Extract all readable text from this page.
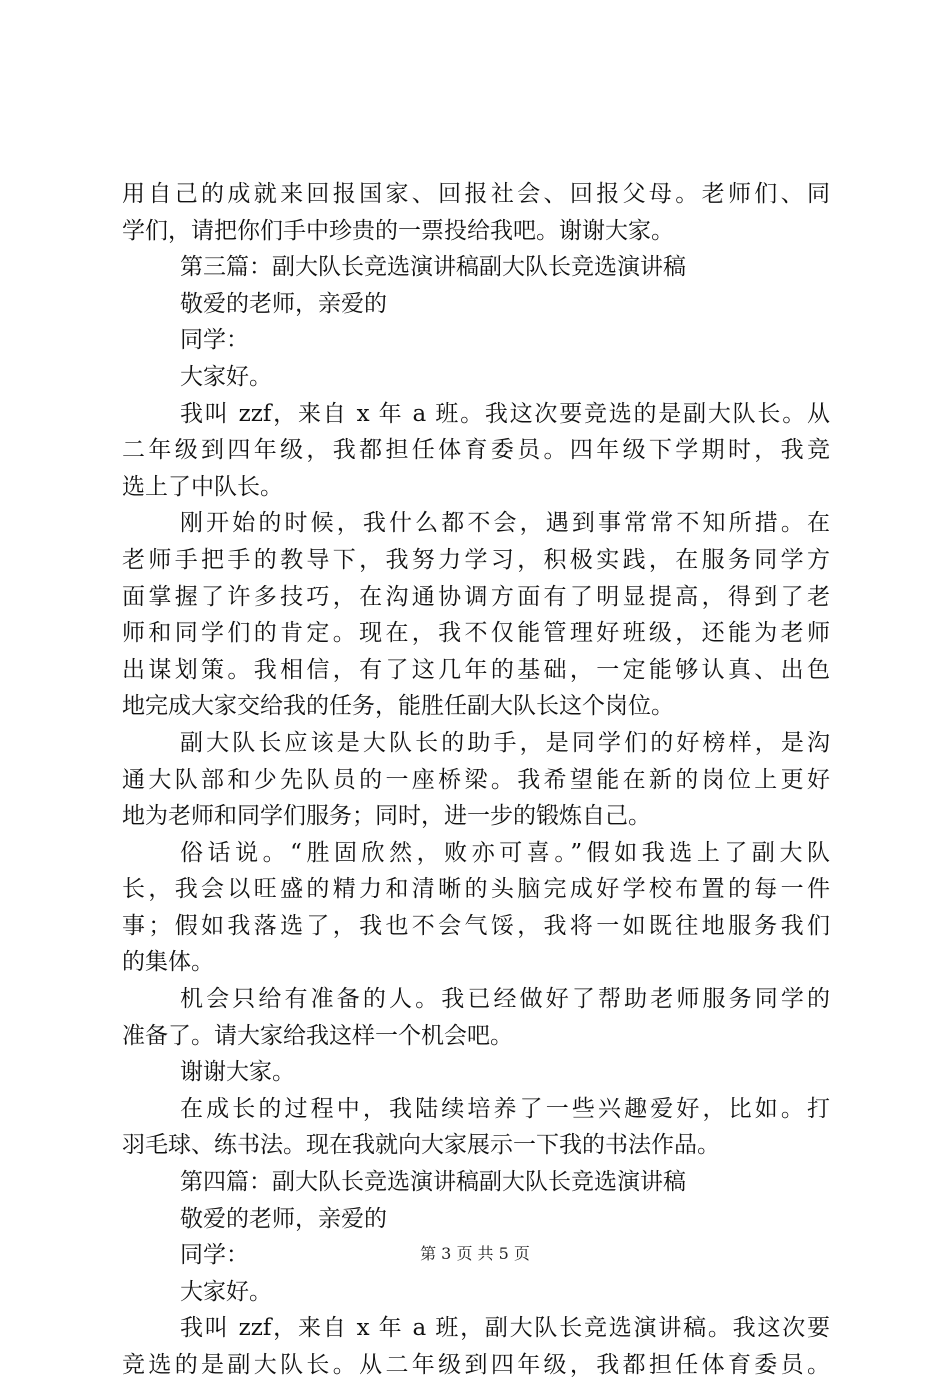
用自己的成就来回报国家、回报社会、回报父母。老师们、同
学们，请把你们手中珍贵的一票投给我吧。谢谢大家。
第三篇：副大队长竞选演讲稿副大队长竞选演讲稿
敬爱的老师，亲爱的
同学：
大家好。
我叫 zzf，来自 x 年 a 班。我这次要竞选的是副大队长。从
二年级到四年级，我都担任体育委员。四年级下学期时，我竞
选上了中队长。
刚开始的时候，我什么都不会，遇到事常常不知所措。在
老师手把手的教导下，我努力学习，积极实践，在服务同学方
面掌握了许多技巧，在沟通协调方面有了明显提高，得到了老
师和同学们的肯定。现在，我不仅能管理好班级，还能为老师
出谋划策。我相信，有了这几年的基础，一定能够认真、出色
地完成大家交给我的任务，能胜任副大队长这个岗位。
副大队长应该是大队长的助手，是同学们的好榜样，是沟
通大队部和少先队员的一座桥梁。我希望能在新的岗位上更好
地为老师和同学们服务；同时，进一步的锻炼自己。
俗话说。“胜固欣然，败亦可喜。”假如我选上了副大队
长，我会以旺盛的精力和清晰的头脑完成好学校布置的每一件
事；假如我落选了，我也不会气馁，我将一如既往地服务我们
的集体。
机会只给有准备的人。我已经做好了帮助老师服务同学的
准备了。请大家给我这样一个机会吧。
谢谢大家。
在成长的过程中，我陆续培养了一些兴趣爱好，比如。打
羽毛球、练书法。现在我就向大家展示一下我的书法作品。
第四篇：副大队长竞选演讲稿副大队长竞选演讲稿
敬爱的老师，亲爱的
同学：
大家好。
我叫 zzf，来自 x 年 a 班，副大队长竞选演讲稿。我这次要
竞选的是副大队长。从二年级到四年级，我都担任体育委员。
第 3 页 共 5 页
